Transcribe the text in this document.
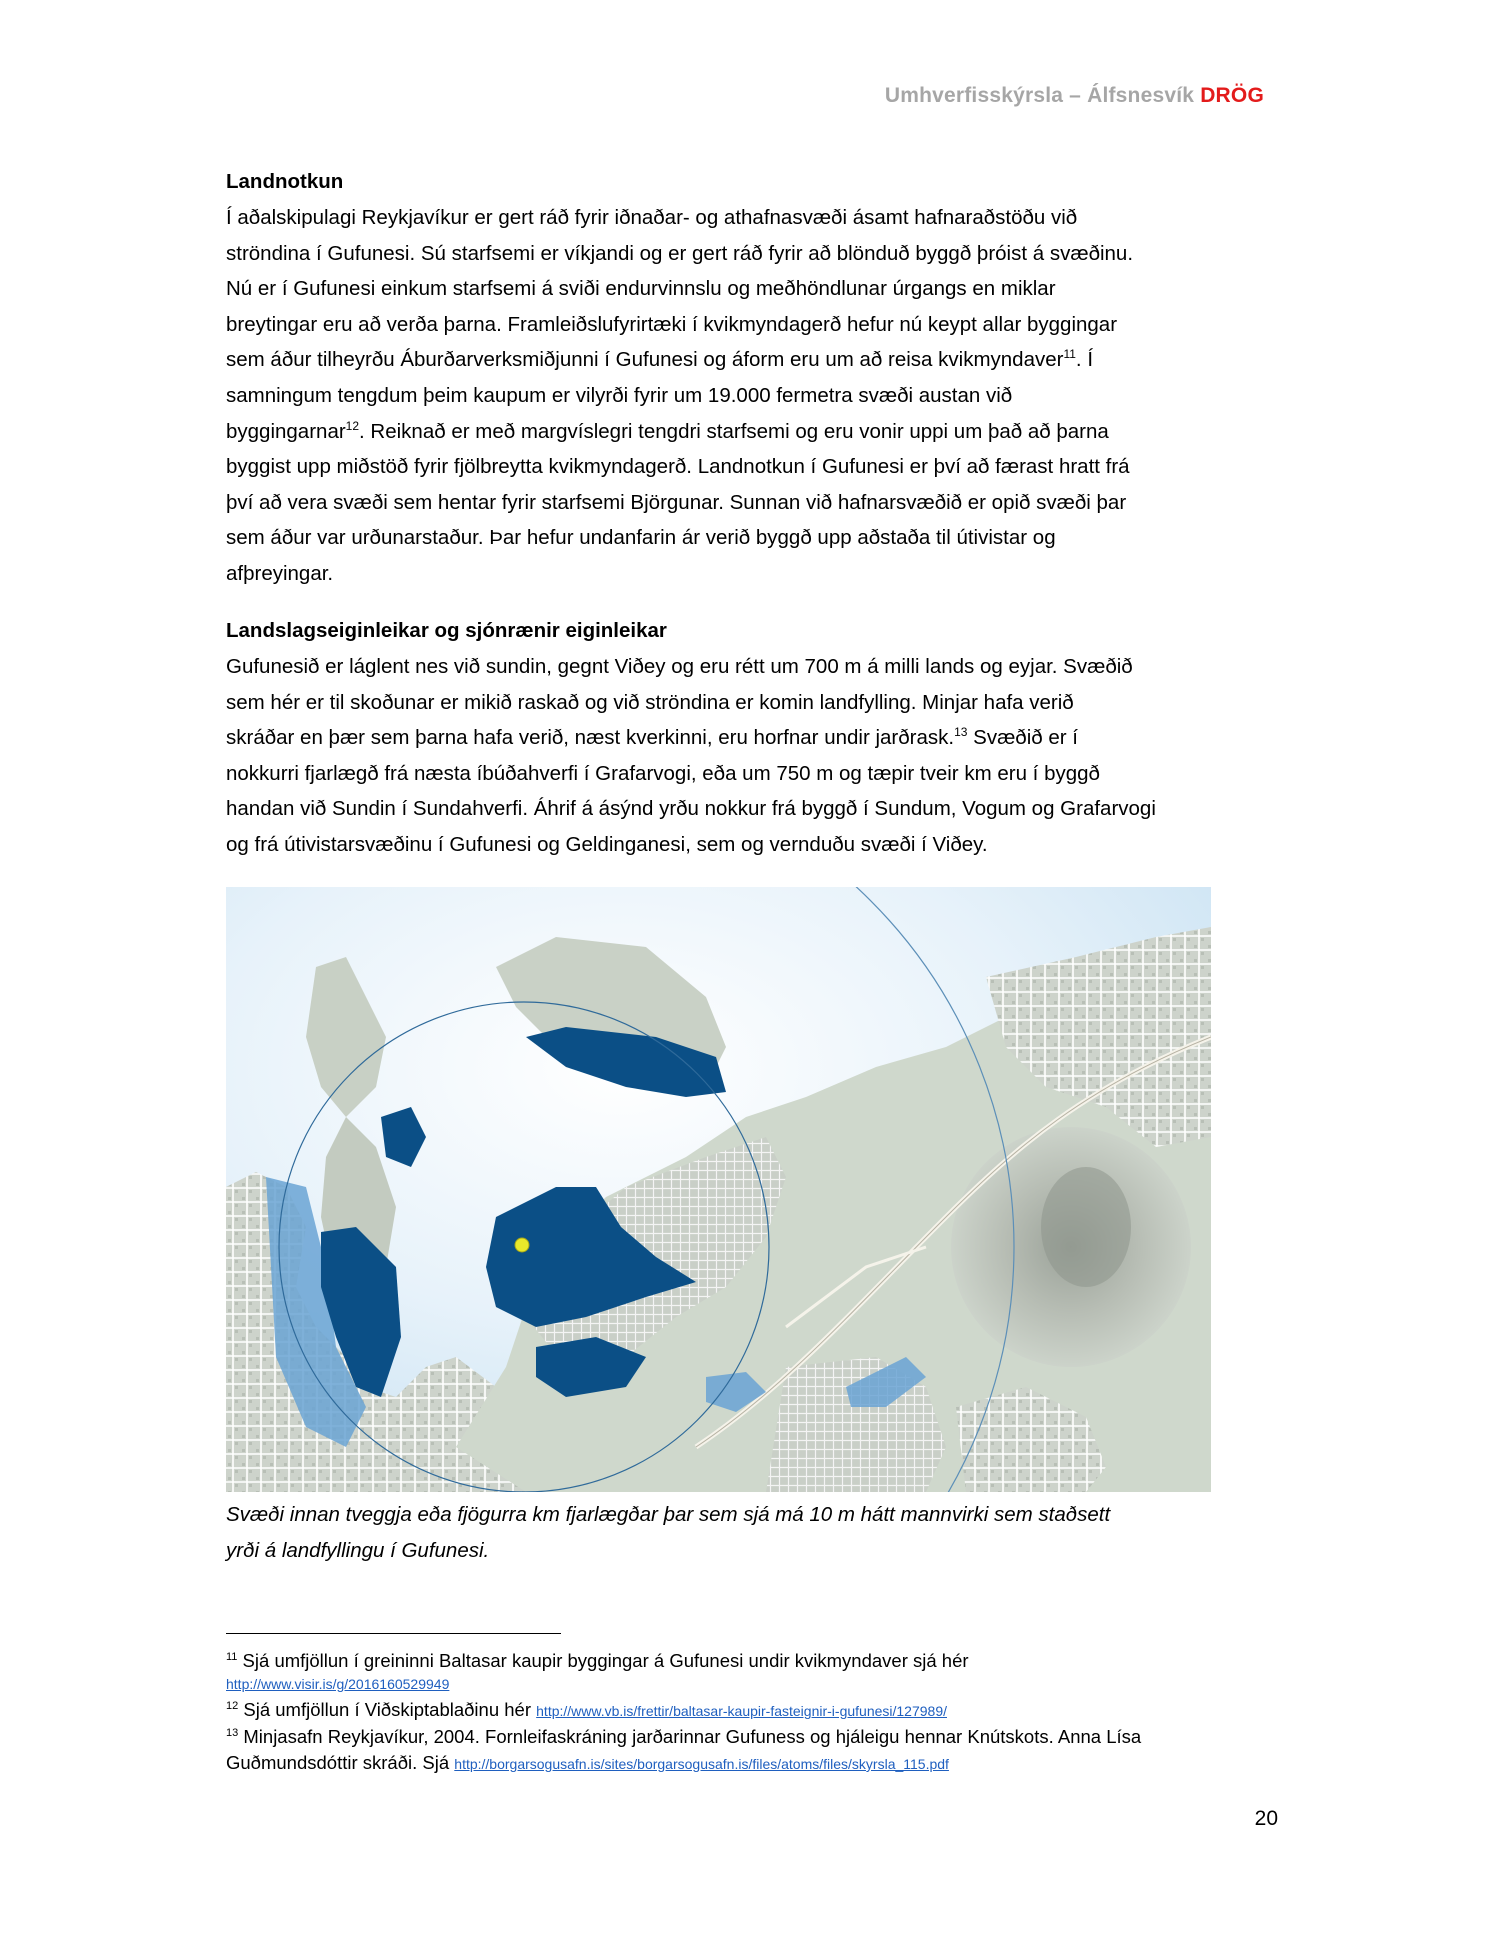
Umhverfisskýrsla – Álfsnesvík DRÖG

Landnotkun

Í aðalskipulagi Reykjavíkur er gert ráð fyrir iðnaðar- og athafnasvæði ásamt hafnaraðstöðu við
ströndina í Gufunesi. Sú starfsemi er víkjandi og er gert ráð fyrir að blönduð byggð þróist á svæðinu.
Nú er í Gufunesi einkum starfsemi á sviði endurvinnslu og meðhöndlunar úrgangs en miklar
breytingar eru að verða þarna. Framleiðslufyrirtæki í kvikmyndagerð hefur nú keypt allar byggingar
sem áður tilheyrðu Áburðarverksmiðjunni í Gufunesi og áform eru um að reisa kvikmyndaver$^{11}$. Í
samningum tengdum þeim kaupum er vilyrði fyrir um 19.000 fermetra svæði austan við
byggingarnar$^{12}$. Reiknað er með margvíslegri tengdri starfsemi og eru vonir uppi um það að þarna
byggist upp miðstöð fyrir fjölbreytta kvikmyndagerð. Landnotkun í Gufunesi er því að færast hratt frá
því að vera svæði sem hentar fyrir starfsemi Björgunar. Sunnan við hafnarsvæðið er opið svæði þar
sem áður var urðunarstaður. Þar hefur undanfarin ár verið byggð upp aðstaða til útivistar og
afþreyingar.

Landslagseiginleikar og sjónrænir eiginleikar

Gufunesið er láglent nes við sundin, gegnt Viðey og eru rétt um 700 m á milli lands og eyjar. Svæðið
sem hér er til skoðunar er mikið raskað og við ströndina er komin landfylling. Minjar hafa verið
skráðar en þær sem þarna hafa verið, næst kverkinni, eru horfnar undir jarðrask.$^{13}$ Svæðið er í
nokkurri fjarlægð frá næsta íbúðahverfi í Grafarvogi, eða um 750 m og tæpir tveir km eru í byggð
handan við Sundin í Sundahverfi. Áhrif á ásýnd yrðu nokkur frá byggð í Sundum, Vogum og Grafarvogi
og frá útivistarsvæðinu í Gufunesi og Geldinganesi, sem og vernduðu svæði í Viðey.

Svæði innan tveggja eða fjögurra km fjarlægðar þar sem sjá má 10 m hátt mannvirki sem staðsett
yrði á landfyllingu í Gufunesi.
$^{11}$ Sjá umfjöllun í greininni Baltasar kaupir byggingar á Gufunesi undir kvikmyndaver sjá hér
http://www.visir.is/g/2016160529949
$^{12}$ Sjá umfjöllun í Viðskiptablaðinu hér http://www.vb.is/frettir/baltasar-kaupir-fasteignir-i-gufunesi/127989/
$^{13}$ Minjasafn Reykjavíkur, 2004. Fornleifaskráning jarðarinnar Gufuness og hjáleigu hennar Knútskots. Anna Lísa
Guðmundsdóttir skráði. Sjá http://borgarsogusafn.is/sites/borgarsogusafn.is/files/atoms/files/skyrsla_115.pdf
20
